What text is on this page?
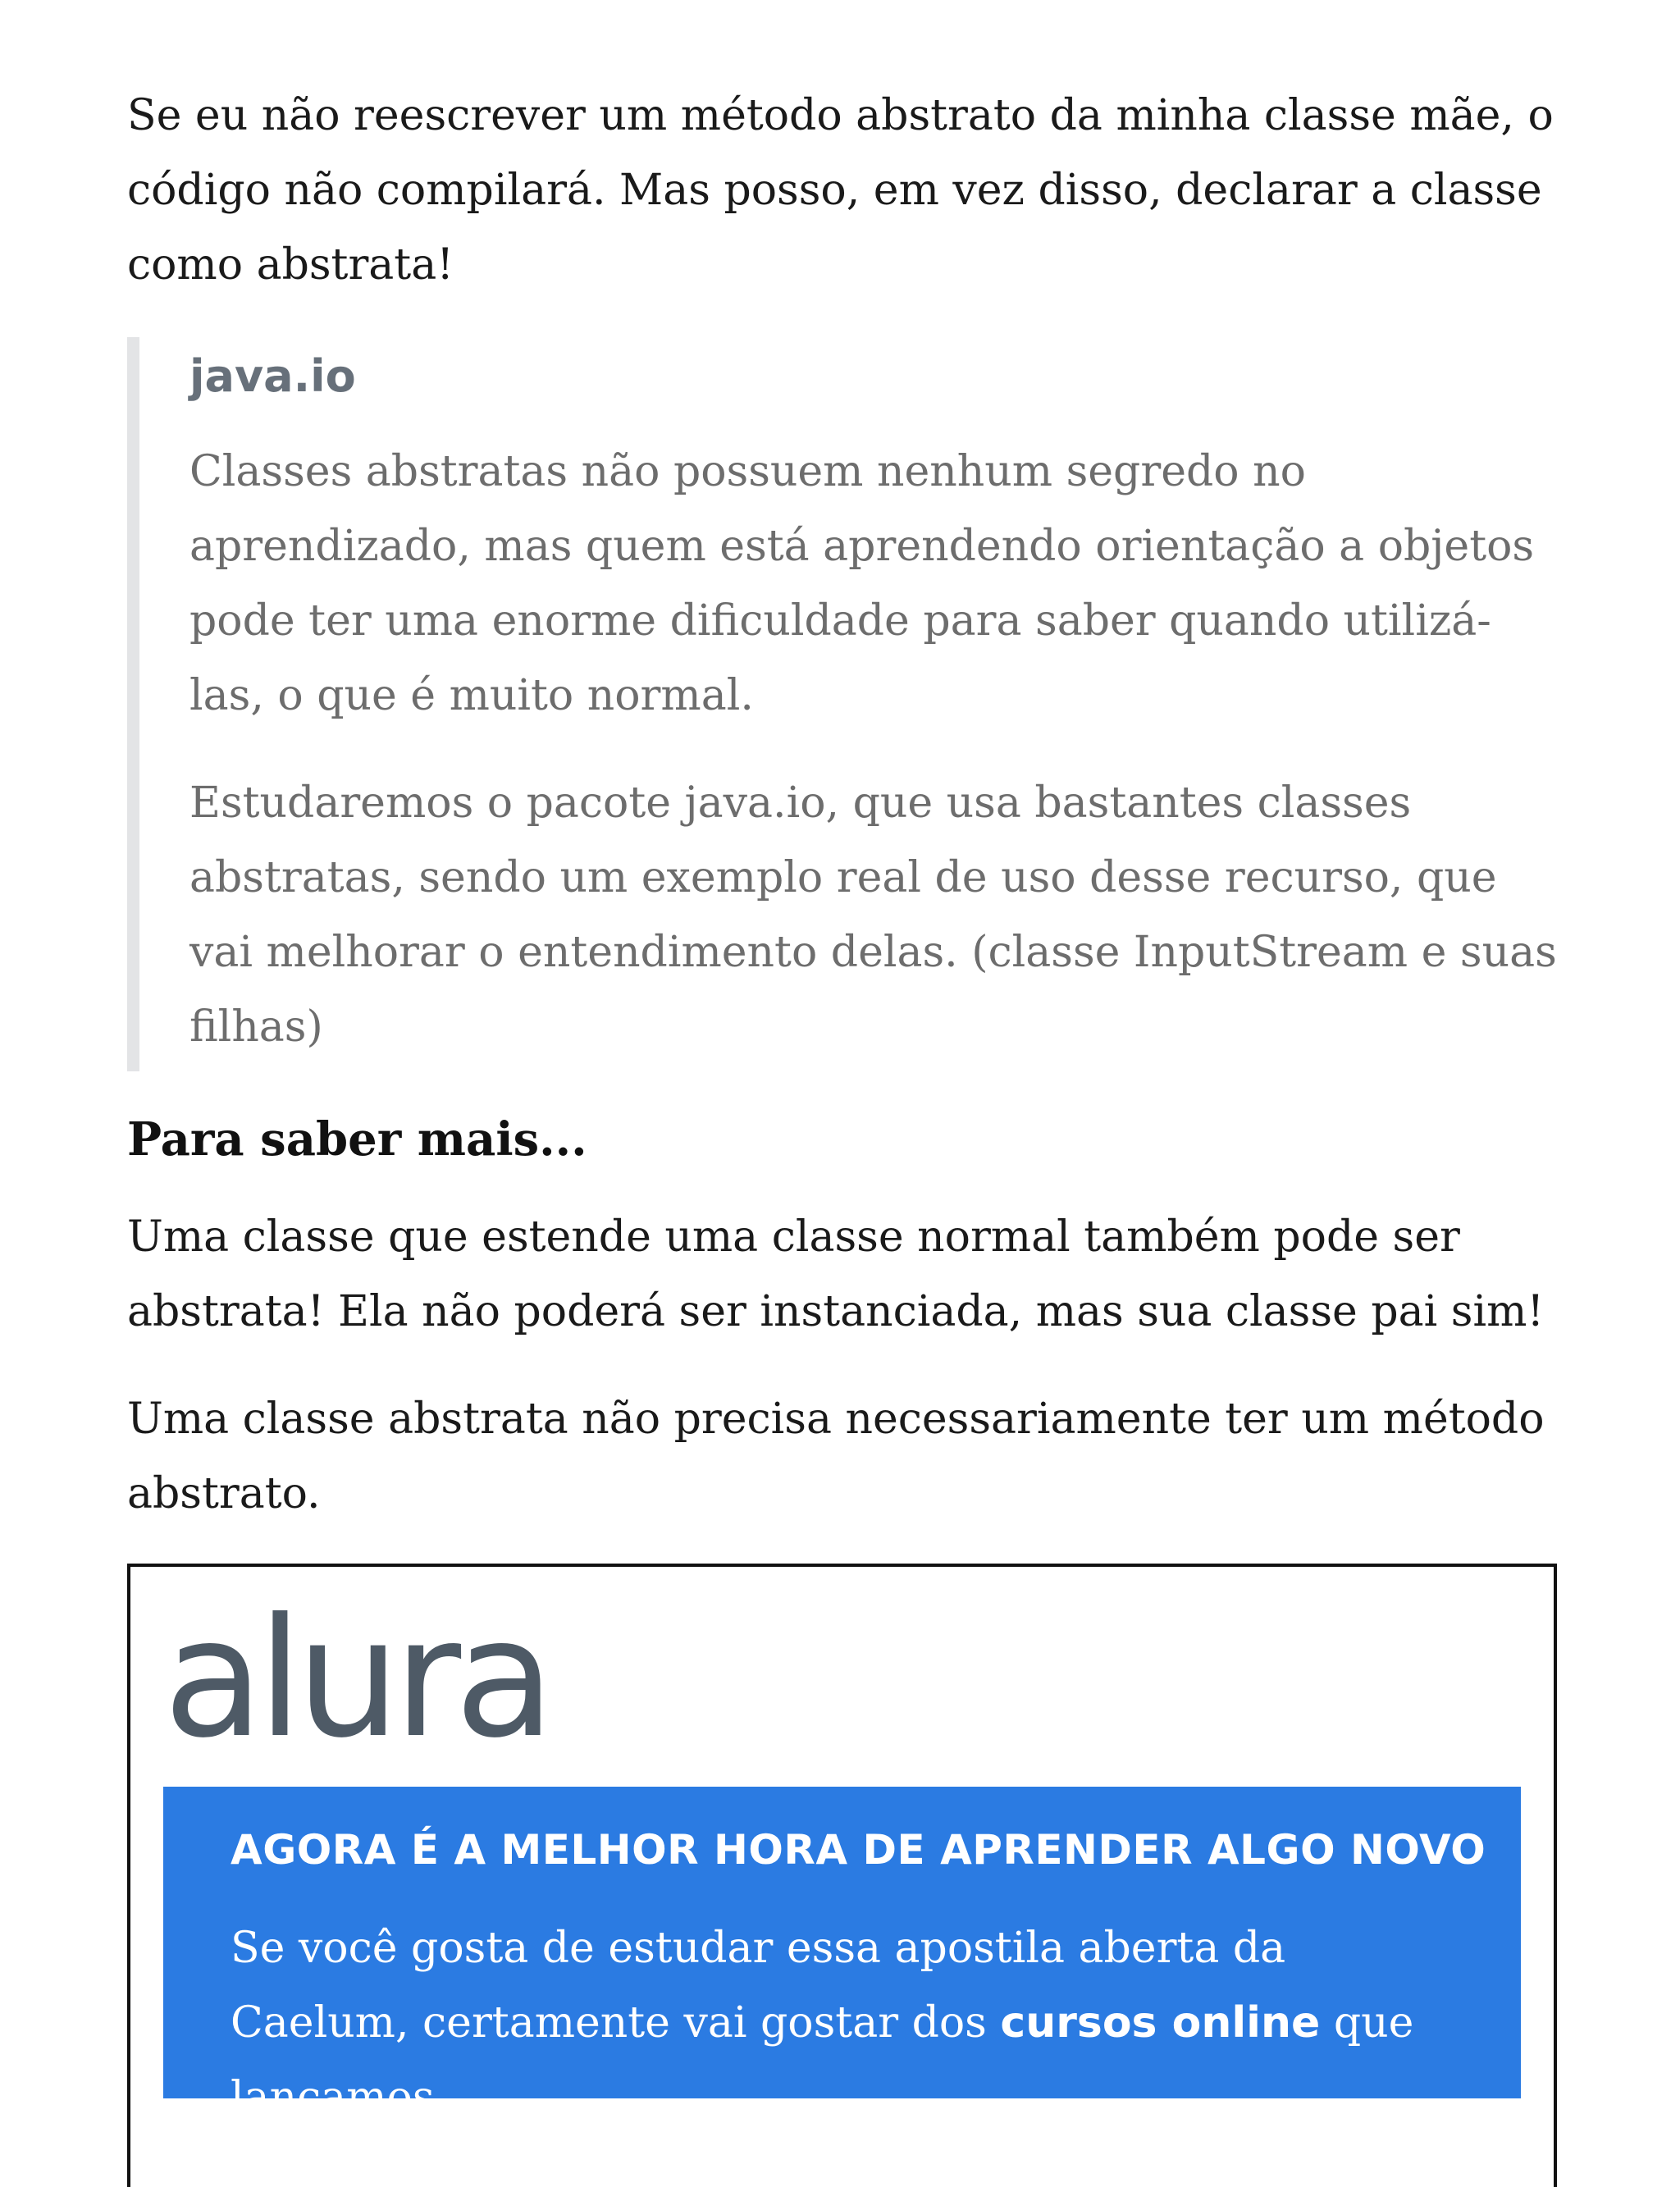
Se eu não reescrever um método abstrato da minha classe mãe, o código não compilará. Mas posso, em vez disso, declarar a classe como abstrata!

java.io

Classes abstratas não possuem nenhum segredo no aprendizado, mas quem está aprendendo orientação a objetos pode ter uma enorme dificuldade para saber quando utilizá-las, o que é muito normal.

Estudaremos o pacote java.io, que usa bastantes classes abstratas, sendo um exemplo real de uso desse recurso, que vai melhorar o entendimento delas. (classe InputStream e suas filhas)

Para saber mais...

Uma classe que estende uma classe normal também pode ser abstrata! Ela não poderá ser instanciada, mas sua classe pai sim!

Uma classe abstrata não precisa necessariamente ter um método abstrato.

alura
AGORA É A MELHOR HORA DE APRENDER ALGO NOVO

Se você gosta de estudar essa apostila aberta da Caelum, certamente vai gostar dos cursos online que lançamos
